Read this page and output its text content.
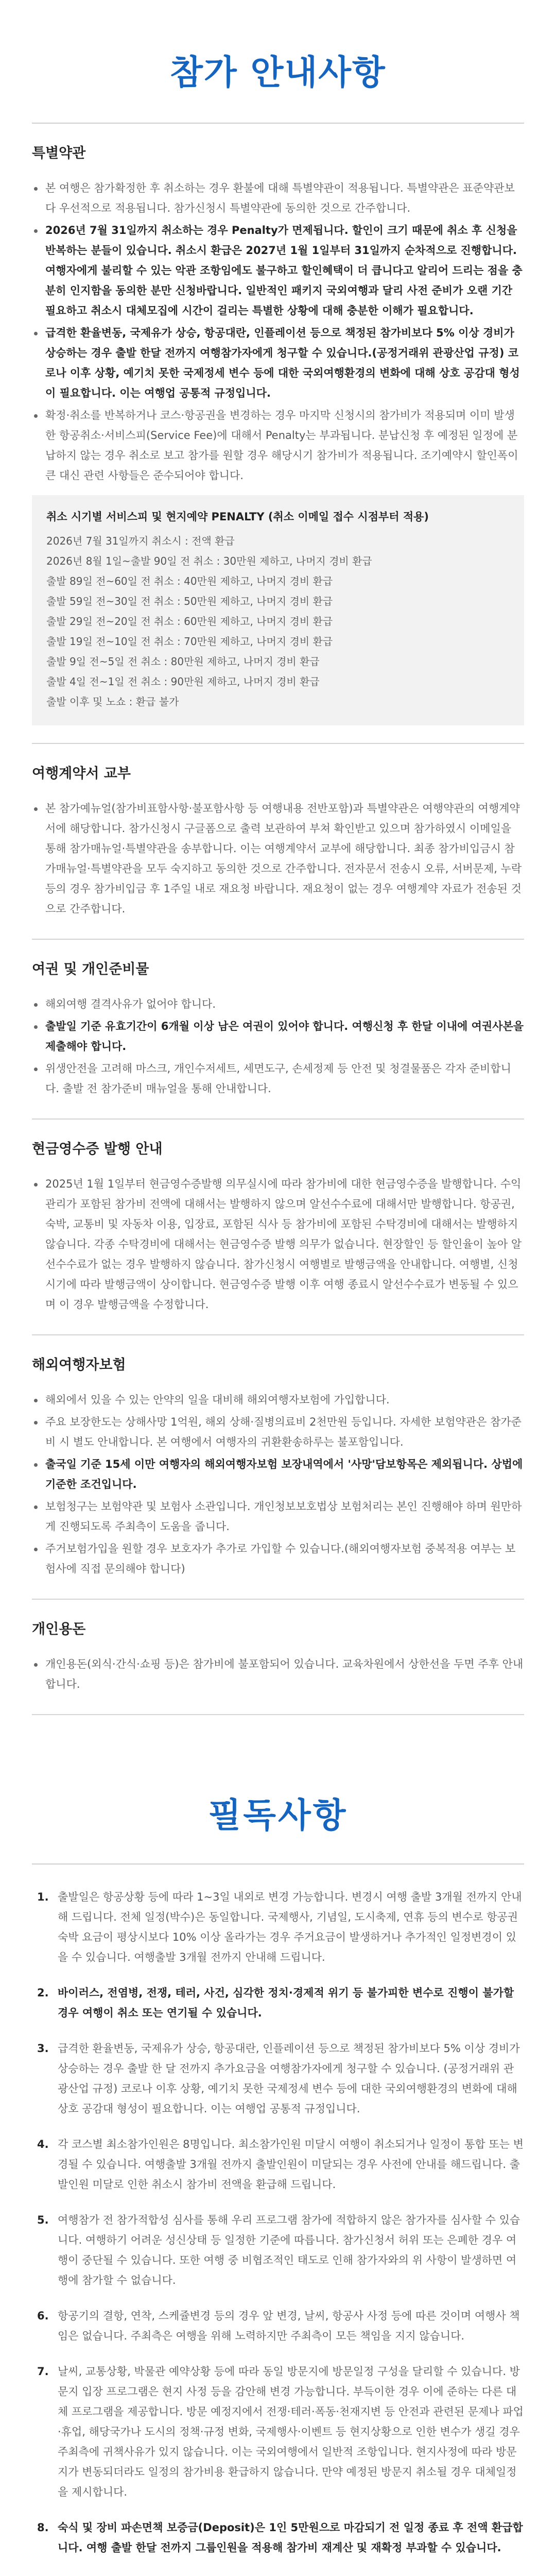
참가 안내사항
특별약관
본 여행은 참가확정한 후 취소하는 경우 환불에 대해 특별약관이 적용됩니다. 특별약관은 표준약관보다 우선적으로 적용됩니다. 참가신청시 특별약관에 동의한 것으로 간주합니다.
2026년 7월 31일까지 취소하는 경우 Penalty가 면제됩니다. 할인이 크기 때문에 취소 후 신청을 반복하는 분들이 있습니다. 취소시 환급은 2027년 1월 1일부터 31일까지 순차적으로 진행합니다. 여행자에게 불리할 수 있는 악관 조항임에도 불구하고 할인혜택이 더 큽니다고 알리어 드리는 점을 충분히 인지함을 동의한 분만 신청바랍니다. 일반적인 패키지 국외여행과 달리 사전 준비가 오랜 기간 필요하고 취소시 대체모집에 시간이 걸리는 특별한 상황에 대해 충분한 이해가 필요합니다.
급격한 환율변동, 국제유가 상승, 항공대란, 인플레이션 등으로 책정된 참가비보다 5% 이상 경비가 상승하는 경우 출발 한달 전까지 여행참가자에게 청구할 수 있습니다.(공정거래위 관광산업 규정) 코로나 이후 상황, 예기치 못한 국제정세 변수 등에 대한 국외여행환경의 변화에 대해 상호 공감대 형성이 필요합니다. 이는 여행업 공통적 규정입니다.
확정·취소를 반복하거나 코스·항공권을 변경하는 경우 마지막 신청시의 참가비가 적용되며 이미 발생한 항공취소·서비스피(Service Fee)에 대해서 Penalty는 부과됩니다. 분납신청 후 예정된 일정에 분납하지 않는 경우 취소로 보고 참가를 원할 경우 해당시기 참가비가 적용됩니다. 조기예약시 할인폭이 큰 대신 관련 사항들은 준수되어야 합니다.
취소 시기별 서비스피 및 현지예약 PENALTY (취소 이메일 접수 시점부터 적용)
2026년 7월 31일까지 취소시 : 전액 환급
2026년 8월 1일~출발 90일 전 취소 : 30만원 제하고, 나머지 경비 환급
출발 89일 전~60일 전 취소 : 40만원 제하고, 나머지 경비 환급
출발 59일 전~30일 전 취소 : 50만원 제하고, 나머지 경비 환급
출발 29일 전~20일 전 취소 : 60만원 제하고, 나머지 경비 환급
출발 19일 전~10일 전 취소 : 70만원 제하고, 나머지 경비 환급
출발 9일 전~5일 전 취소 : 80만원 제하고, 나머지 경비 환급
출발 4일 전~1일 전 취소 : 90만원 제하고, 나머지 경비 환급
출발 이후 및 노쇼 : 환급 불가
여행계약서 교부
본 참가예뉴얼(참가비표함사항·불포함사항 등 여행내용 전반포함)과 특별약관은 여행약관의 여행계약서에 해당합니다. 참가신청시 구글폼으로 출력 보관하여 부쳐 확인받고 있으며 참가하였시 이메일을 통해 참가매뉴얼·특별약관을 송부합니다. 이는 여행계약서 교부에 해당합니다. 최종 참가비입금시 참가매뉴얼·특별약관을 모두 숙지하고 동의한 것으로 간주합니다. 전자문서 전송시 오류, 서버문제, 누락 등의 경우 참가비입금 후 1주일 내로 재요청 바랍니다. 재요청이 없는 경우 여행계약 자료가 전송된 것으로 간주합니다.
여권 및 개인준비물
해외여행 결격사유가 없어야 합니다.
출발일 기준 유효기간이 6개월 이상 남은 여권이 있어야 합니다. 여행신청 후 한달 이내에 여권사본을 제출해야 합니다.
위생안전을 고려해 마스크, 개인수저세트, 세면도구, 손세정제 등 안전 및 청결물품은 각자 준비합니다. 출발 전 참가준비 매뉴얼을 통해 안내합니다.
현금영수증 발행 안내
2025년 1월 1일부터 현금영수증발행 의무실시에 따라 참가비에 대한 현금영수증을 발행합니다. 수익관리가 포함된 참가비 전액에 대해서는 발행하지 않으며 알선수수료에 대해서만 발행합니다. 항공권, 숙박, 교통비 및 자동차 이용, 입장료, 포함된 식사 등 참가비에 포함된 수탁경비에 대해서는 발행하지 않습니다. 각종 수탁경비에 대해서는 현금영수증 발행 의무가 없습니다. 현장할인 등 할인율이 높아 알선수수료가 없는 경우 발행하지 않습니다. 참가신청시 여행별로 발행금액을 안내합니다. 여행별, 신청시기에 따라 발행금액이 상이합니다. 현금영수증 발행 이후 여행 종료시 알선수수료가 변동될 수 있으며 이 경우 발행금액을 수정합니다.
해외여행자보험
해외에서 있을 수 있는 안약의 일을 대비해 해외여행자보험에 가입합니다.
주요 보장한도는 상해사망 1억원, 해외 상해·질병의료비 2천만원 등입니다. 자세한 보험약관은 참가준비 시 별도 안내합니다. 본 여행에서 여행자의 귀환환송하루는 불포함입니다.
출국일 기준 15세 이만 여행자의 해외여행자보험 보장내역에서 '사망'담보항목은 제외됩니다. 상법에 기준한 조건입니다.
보험청구는 보험약관 및 보험사 소관입니다. 개인청보보호법상 보험처리는 본인 진행해야 하며 원만하게 진행되도록 주최측이 도움을 줍니다.
주거보험가입을 원할 경우 보호자가 추가로 가입할 수 있습니다.(해외여행자보험 중복적용 여부는 보험사에 직접 문의해야 합니다)
개인용돈
개인용돈(외식·간식·쇼핑 등)은 참가비에 불포함되어 있습니다. 교육차원에서 상한선을 두면 주후 안내합니다.
필독사항
1. 출발일은 항공상황 등에 따라 1~3일 내외로 변경 가능합니다. 변경시 여행 출발 3개월 전까지 안내해 드립니다. 전체 일정(박수)은 동일합니다. 국제행사, 기념일, 도시축제, 연휴 등의 변수로 항공권 숙박 요금이 평상시보다 10% 이상 올라가는 경우 주거요금이 발생하거나 추가적인 일정변경이 있을 수 있습니다. 여행출발 3개월 전까지 안내해 드립니다.
2. 바이러스, 전염병, 전쟁, 테러, 사건, 심각한 정치·경제적 위기 등 불가피한 변수로 진행이 불가할 경우 여행이 취소 또는 연기될 수 있습니다.
3. 급격한 환율변동, 국제유가 상승, 항공대란, 인플레이션 등으로 책정된 참가비보다 5% 이상 경비가 상승하는 경우 출발 한 달 전까지 추가요금을 여행참가자에게 청구할 수 있습니다. (공정거래위 관광산업 규정) 코로나 이후 상황, 예기치 못한 국제정세 변수 등에 대한 국외여행환경의 변화에 대해 상호 공감대 형성이 필요합니다. 이는 여행업 공통적 규정입니다.
4. 각 코스별 최소참가인원은 8명입니다. 최소참가인원 미달시 여행이 취소되거나 일정이 통합 또는 변경될 수 있습니다. 여행출발 3개월 전까지 출발인원이 미달되는 경우 사전에 안내를 해드립니다. 출발인원 미달로 인한 취소시 참가비 전액을 환급해 드립니다.
5. 여행참가 전 참가적합성 심사를 통해 우리 프로그램 참가에 적합하지 않은 참가자를 심사할 수 있습니다. 여행하기 어려운 성신상태 등 일정한 기준에 따릅니다. 참가신청서 허위 또는 은폐한 경우 여행이 중단될 수 있습니다. 또한 여행 중 비협조적인 태도로 인해 참가자와의 위 사항이 발생하면 여행에 참가할 수 없습니다.
6. 항공기의 결항, 연착, 스케쥴변경 등의 경우 앞 변경, 날씨, 항공사 사정 등에 따른 것이며 여행사 책임은 없습니다. 주최측은 여행을 위해 노력하지만 주최측이 모든 책임을 지지 않습니다.
7. 날씨, 교통상황, 박물관 예약상황 등에 따라 동일 방문지에 방문일정 구성을 달리할 수 있습니다. 방문지 입장 프로그램은 현지 사정 등을 감안해 변경 가능합니다. 부득이한 경우 이에 준하는 다른 대체 프로그램을 제공합니다. 방문 예정지에서 전쟁·테러·폭동·천재지변 등 안전과 관련된 문제나 파업·휴업, 해당국가나 도시의 정책·규정 변화, 국제행사·이벤트 등 현지상황으로 인한 변수가 생길 경우 주최측에 귀책사유가 있지 않습니다. 이는 국외여행에서 일반적 조항입니다. 현지사정에 따라 방문지가 변동되더라도 일정의 참가비용 환급하지 않습니다. 만약 예정된 방문지 취소될 경우 대체일정을 제시합니다.
8. 숙식 및 장비 파손면책 보증금(Deposit)은 1인 5만원으로 마감되기 전 일정 종료 후 전액 환급합니다. 여행 출발 한달 전까지 그룹인원을 적용해 참가비 재계산 및 재확정 부과할 수 있습니다.
